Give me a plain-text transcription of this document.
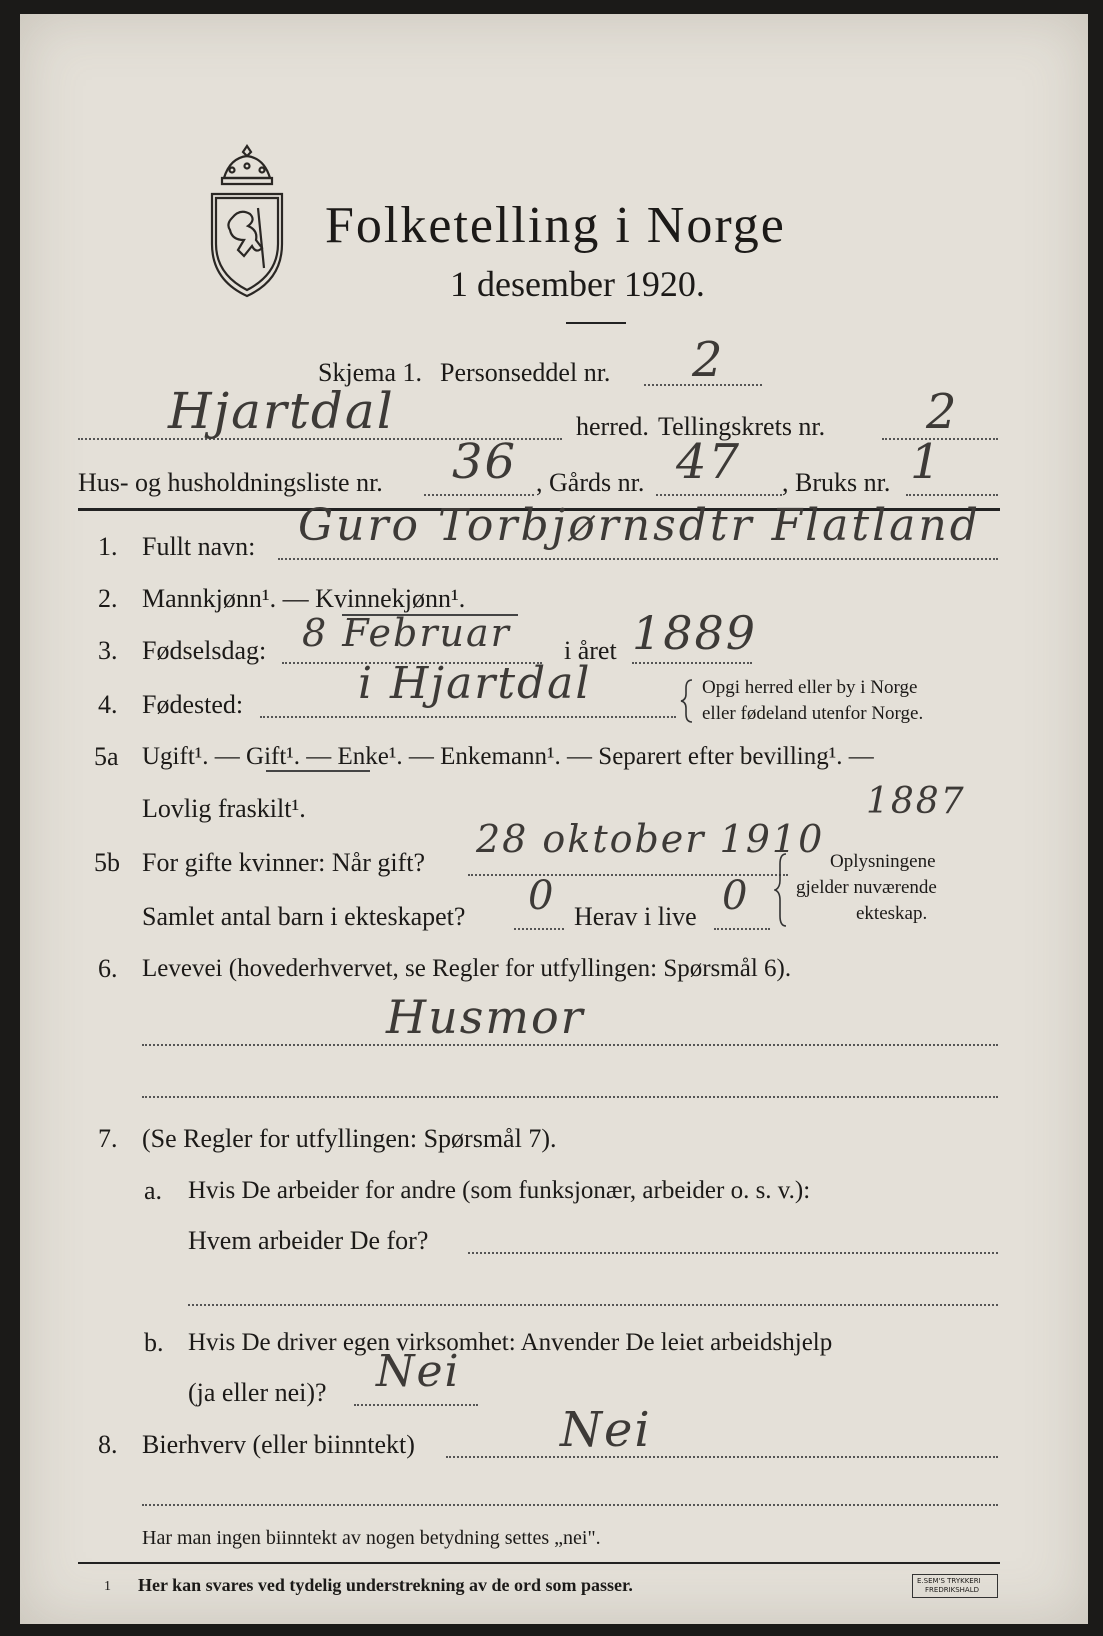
Folketelling i Norge
1 desember 1920.
Skjema 1. Personseddel nr. 2
Hjartdal	herred. Tellingskrets nr. 2
Hus- og husholdningsliste nr. 36 , Gårds nr. 47 , Bruks nr. 1
1. Fullt navn: Guro Torbjørnsdtr Flatland
2. Mannkjønn¹. — Kvinnekjønn¹.
3. Fødselsdag: 8 Februar i året 1889
4. Fødested:	i Hjartdal	Opgi herred eller by i Norge
eller fødeland utenfor Norge.
5a Ugift¹. — Gift¹. — Enke¹. — Enkemann¹. — Separert efter bevilling¹. —
Lovlig fraskilt¹.
5b For gifte kvinner: Når gift?
28 oktober 1910
1887
Samlet antal barn i ekteskapet? 0 Herav i live 0
Oplysningene
gjelder nuværende
ekteskap.
6. Levevei (hovederhvervet, se Regler for utfyllingen: Spørsmål 6).
Husmor
7. (Se Regler for utfyllingen: Spørsmål 7).
a. Hvis De arbeider for andre (som funksjonær, arbeider o. s. v.):
Hvem arbeider De for?
b. Hvis De driver egen virksomhet: Anvender De leiet arbeidshjelp
(ja eller nei)? Nei
8. Bierhverv (eller biinntekt)	Nei
Har man ingen biinntekt av nogen betydning settes „nei".
1 Her kan svares ved tydelig understrekning av de ord som passer.	E.SEM'S TRYKKERI
FREDRIKSHALD
